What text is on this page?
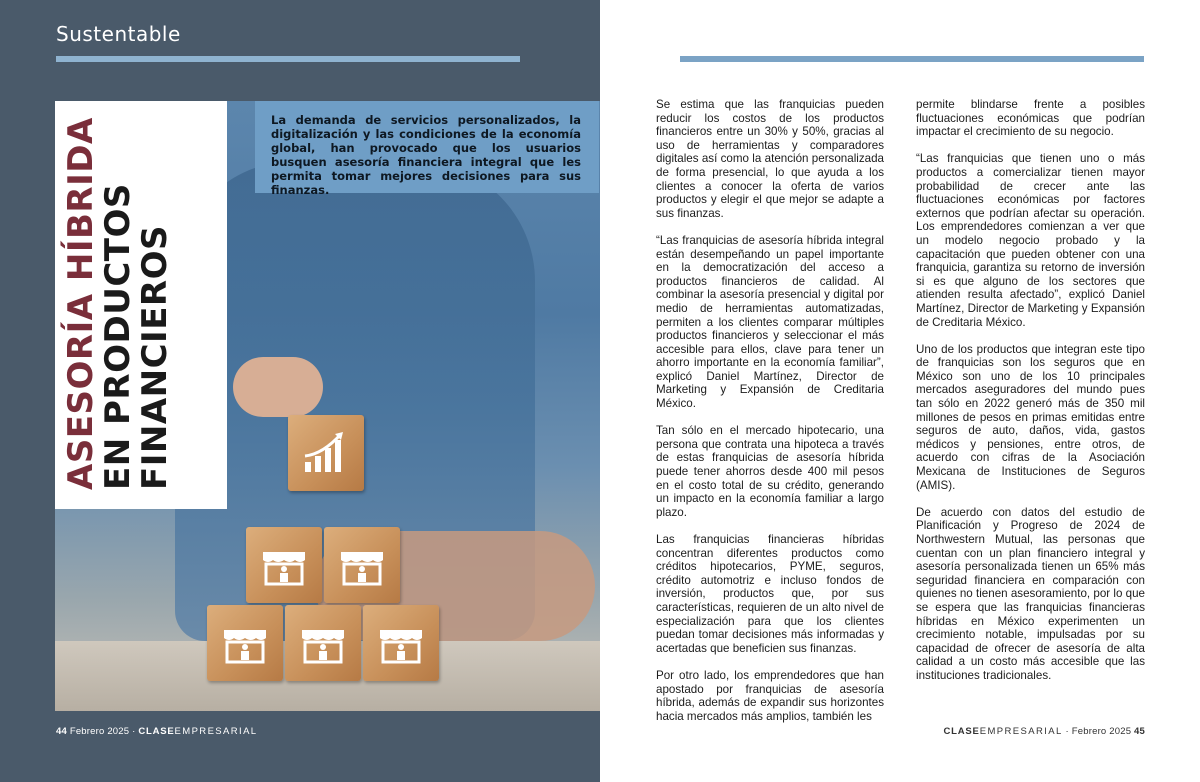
Sustentable
ASESORÍA HÍBRIDA
EN PRODUCTOS
FINANCIEROS
La demanda de servicios personalizados, la digitalización y las condiciones de la economía global, han provocado que los usuarios busquen asesoría financiera integral que les permita tomar mejores decisiones para sus finanzas.
44 Febrero 2025 · CLASEEMPRESARIAL	CLASEEMPRESARIAL · Febrero 2025 45

Se estima que las franquicias pueden reducir los costos de los productos financieros entre un 30% y 50%, gracias al uso de herramientas y comparadores digitales así como la atención personalizada de forma presencial, lo que ayuda a los clientes a conocer la oferta de varios productos y elegir el que mejor se adapte a sus finanzas.

“Las franquicias de asesoría híbrida integral están desempeñando un papel importante en la democratización del acceso a productos financieros de calidad. Al combinar la asesoría presencial y digital por medio de herramientas automatizadas, permiten a los clientes comparar múltiples productos financieros y seleccionar el más accesible para ellos, clave para tener un ahorro importante en la economía familiar”, explicó Daniel Martínez, Director de Marketing y Expansión de Creditaria México.

Tan sólo en el mercado hipotecario, una persona que contrata una hipoteca a través de estas franquicias de asesoría híbrida puede tener ahorros desde 400 mil pesos en el costo total de su crédito, generando un impacto en la economía familiar a largo plazo.

Las franquicias financieras híbridas concentran diferentes productos como créditos hipotecarios, PYME, seguros, crédito automotriz e incluso fondos de inversión, productos que, por sus características, requieren de un alto nivel de especialización para que los clientes puedan tomar decisiones más informadas y acertadas que beneficien sus finanzas.

Por otro lado, los emprendedores que han apostado por franquicias de asesoría híbrida, además de expandir sus horizontes hacia mercados más amplios, también les

permite blindarse frente a posibles fluctuaciones económicas que podrían impactar el crecimiento de su negocio.

“Las franquicias que tienen uno o más productos a comercializar tienen mayor probabilidad de crecer ante las fluctuaciones económicas por factores externos que podrían afectar su operación. Los emprendedores comienzan a ver que un modelo negocio probado y la capacitación que pueden obtener con una franquicia, garantiza su retorno de inversión si es que alguno de los sectores que atienden resulta afectado”, explicó Daniel Martínez, Director de Marketing y Expansión de Creditaria México.

Uno de los productos que integran este tipo de franquicias son los seguros que en México son uno de los 10 principales mercados aseguradores del mundo pues tan sólo en 2022 generó más de 350 mil millones de pesos en primas emitidas entre seguros de auto, daños, vida, gastos médicos y pensiones, entre otros, de acuerdo con cifras de la Asociación Mexicana de Instituciones de Seguros (AMIS).

De acuerdo con datos del estudio de Planificación y Progreso de 2024 de Northwestern Mutual, las personas que cuentan con un plan financiero integral y asesoría personalizada tienen un 65% más seguridad financiera en comparación con quienes no tienen asesoramiento, por lo que se espera que las franquicias financieras híbridas en México experimenten un crecimiento notable, impulsadas por su capacidad de ofrecer de asesoría de alta calidad a un costo más accesible que las instituciones tradicionales.
